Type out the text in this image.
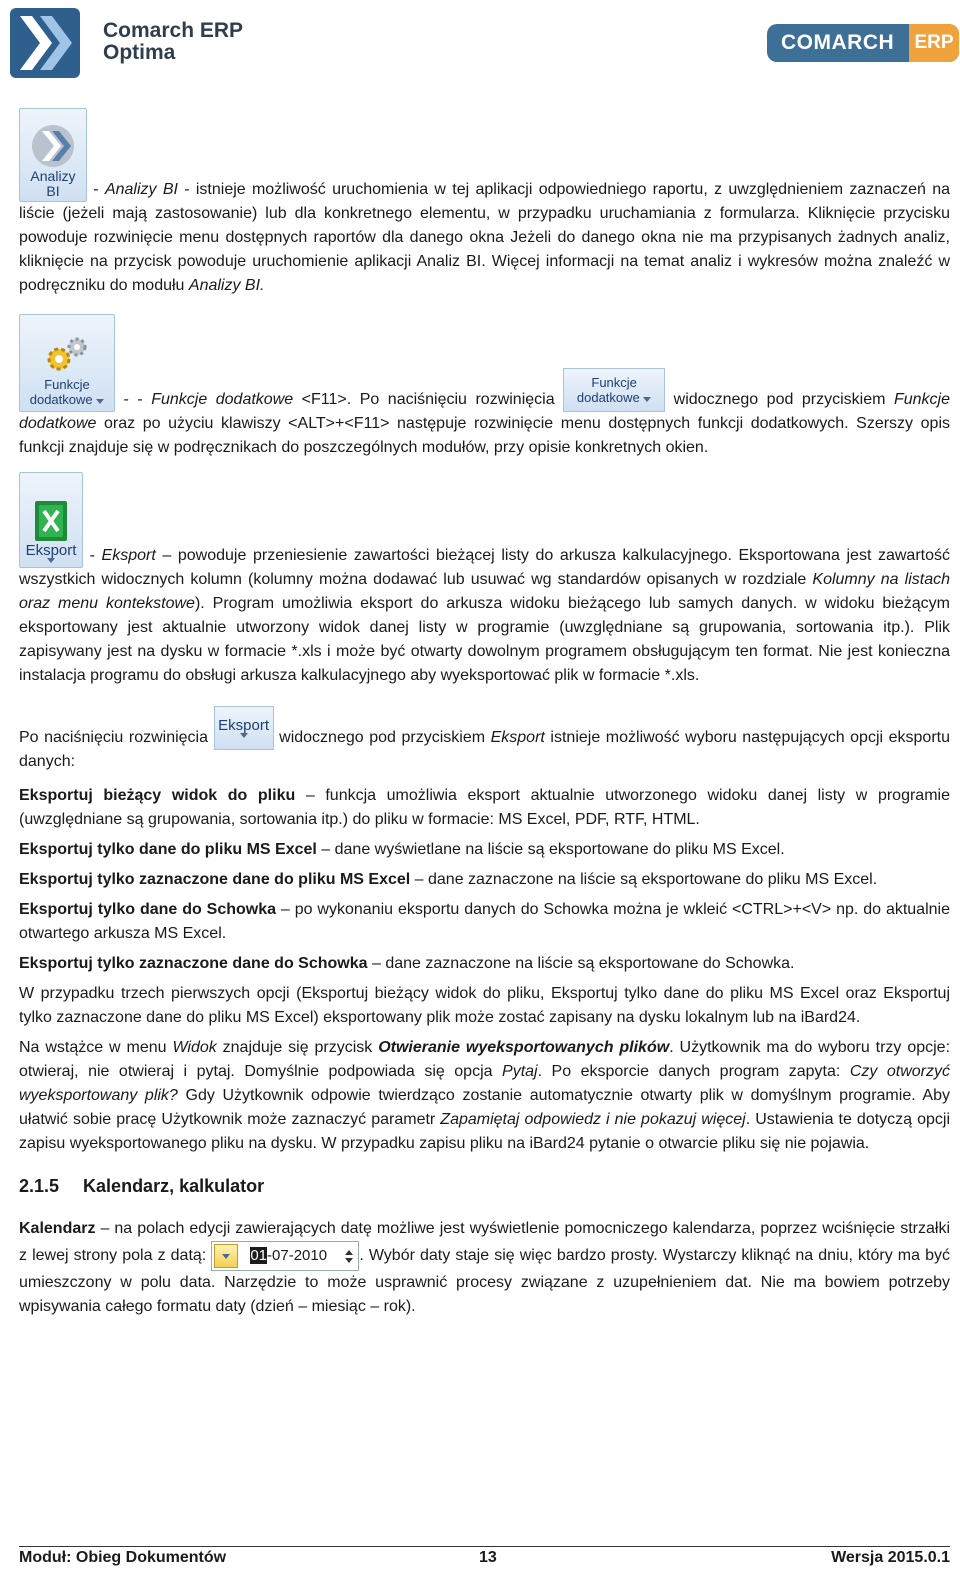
Comarch ERP
Optima	COMARCH	ERP

Analizy
BI - Analizy BI - istnieje możliwość uruchomienia w tej aplikacji odpowiedniego raportu, z uwzględnieniem zaznaczeń na liście (jeżeli mają zastosowanie) lub dla konkretnego elementu, w przypadku uruchamiania z formularza. Kliknięcie przycisku powoduje rozwinięcie menu dostępnych raportów dla danego okna Jeżeli do danego okna nie ma przypisanych żadnych analiz, kliknięcie na przycisk powoduje uruchomienie aplikacji Analiz BI. Więcej informacji na temat analiz i wykresów można znaleźć w podręczniku do modułu Analizy BI.

Funkcje
dodatkowe	- - Funkcje dodatkowe <F11>. Po naciśnięciu rozwinięcia
Funkcje
dodatkowe	widocznego pod przyciskiem Funkcje dodatkowe oraz po użyciu klawiszy <ALT>+<F11> następuje rozwinięcie menu dostępnych funkcji dodatkowych. Szerszy opis funkcji znajduje się w podręcznikach do poszczególnych modułów, przy opisie konkretnych okien.

Eksport - Eksport – powoduje przeniesienie zawartości bieżącej listy do arkusza kalkulacyjnego. Eksportowana jest zawartość wszystkich widocznych kolumn (kolumny można dodawać lub usuwać wg standardów opisanych w rozdziale Kolumny na listach oraz menu kontekstowe). Program umożliwia eksport do arkusza widoku bieżącego lub samych danych. w widoku bieżącym eksportowany jest aktualnie utworzony widok danej listy w programie (uwzględniane są grupowania, sortowania itp.). Plik zapisywany jest na dysku w formacie *.xls i może być otwarty dowolnym programem obsługującym ten format. Nie jest konieczna instalacja programu do obsługi arkusza kalkulacyjnego aby wyeksportować plik w formacie *.xls.

Po naciśnięciu rozwinięcia
Eksport
widocznego pod przyciskiem Eksport istnieje możliwość wyboru następujących opcji eksportu danych:

Eksportuj bieżący widok do pliku – funkcja umożliwia eksport aktualnie utworzonego widoku danej listy w programie (uwzględniane są grupowania, sortowania itp.) do pliku w formacie: MS Excel, PDF, RTF, HTML.

Eksportuj tylko dane do pliku MS Excel – dane wyświetlane na liście są eksportowane do pliku MS Excel.

Eksportuj tylko zaznaczone dane do pliku MS Excel – dane zaznaczone na liście są eksportowane do pliku MS Excel.

Eksportuj tylko dane do Schowka – po wykonaniu eksportu danych do Schowka można je wkleić <CTRL>+<V> np. do aktualnie otwartego arkusza MS Excel.

Eksportuj tylko zaznaczone dane do Schowka – dane zaznaczone na liście są eksportowane do Schowka.

W przypadku trzech pierwszych opcji (Eksportuj bieżący widok do pliku, Eksportuj tylko dane do pliku MS Excel oraz Eksportuj tylko zaznaczone dane do pliku MS Excel) eksportowany plik może zostać zapisany na dysku lokalnym lub na iBard24.

Na wstążce w menu Widok znajduje się przycisk Otwieranie wyeksportowanych plików. Użytkownik ma do wyboru trzy opcje: otwieraj, nie otwieraj i pytaj. Domyślnie podpowiada się opcja Pytaj. Po eksporcie danych program zapyta: Czy otworzyć wyeksportowany plik? Gdy Użytkownik odpowie twierdząco zostanie automatycznie otwarty plik w domyślnym programie. Aby ułatwić sobie pracę Użytkownik może zaznaczyć parametr Zapamiętaj odpowiedz i nie pokazuj więcej. Ustawienia te dotyczą opcji zapisu wyeksportowanego pliku na dysku. W przypadku zapisu pliku na iBard24 pytanie o otwarcie pliku się nie pojawia.

2.1.5 Kalendarz, kalkulator

Kalendarz – na polach edycji zawierających datę możliwe jest wyświetlenie pomocniczego kalendarza, poprzez wciśnięcie strzałki z lewej strony pola z datą:	01-07-2010 . Wybór daty staje się więc bardzo prosty. Wystarczy kliknąć na dniu, który ma być umieszczony w polu data. Narzędzie to może usprawnić procesy związane z uzupełnieniem dat. Nie ma bowiem potrzeby wpisywania całego formatu daty (dzień – miesiąc – rok).

Moduł: Obieg Dokumentów	13	Wersja 2015.0.1
